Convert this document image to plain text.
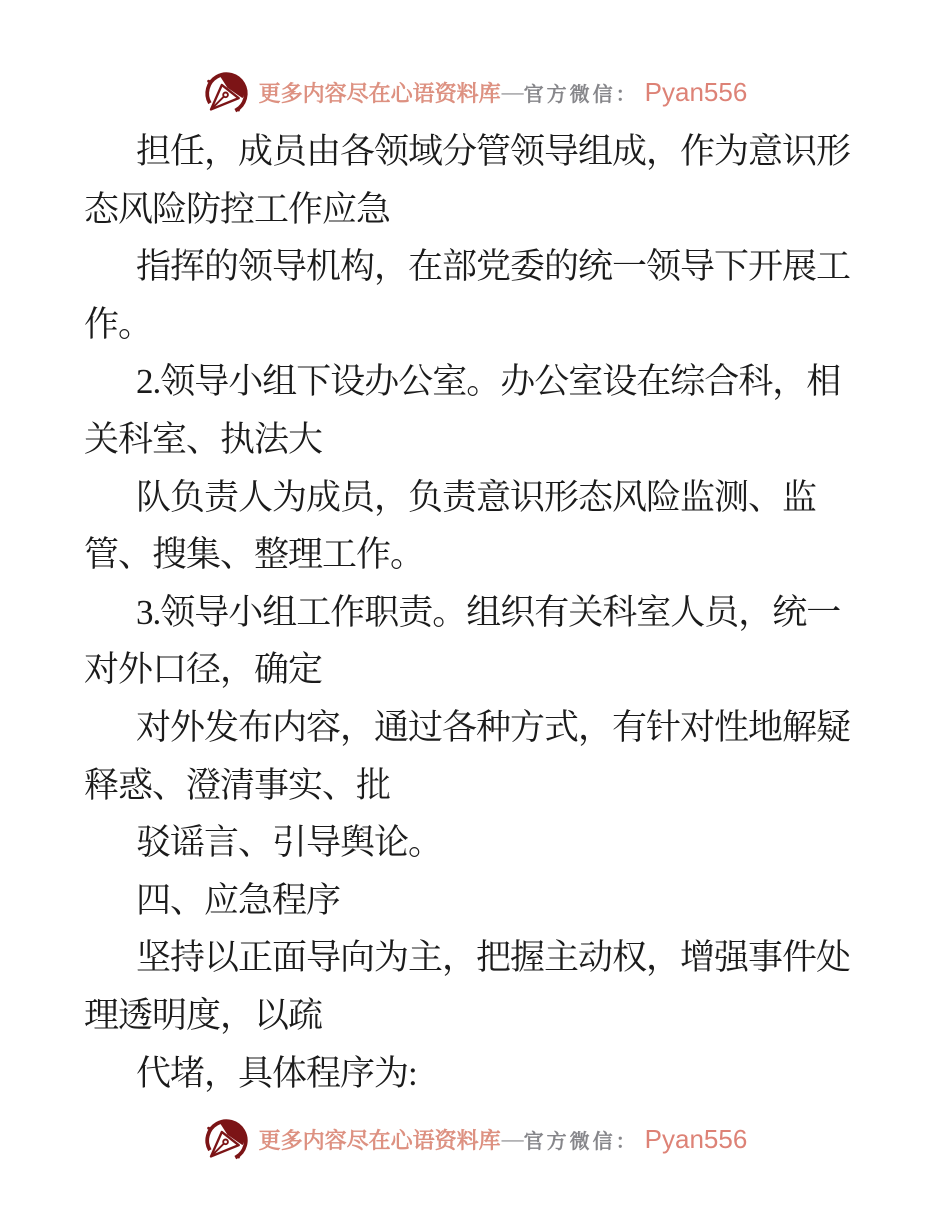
更多内容尽在心语资料库 — 官方微信： Pyan556
担任，成员由各领域分管领导组成，作为意识形
态风险防控工作应急
指挥的领导机构，在部党委的统一领导下开展工
作。
2.领导小组下设办公室。办公室设在综合科，相
关科室、执法大
队负责人为成员，负责意识形态风险监测、监
管、搜集、整理工作。
3.领导小组工作职责。组织有关科室人员，统一
对外口径，确定
对外发布内容，通过各种方式，有针对性地解疑
释惑、澄清事实、批
驳谣言、引导舆论。
四、应急程序
坚持以正面导向为主，把握主动权，增强事件处
理透明度，以疏
代堵，具体程序为:
更多内容尽在心语资料库 — 官方微信： Pyan556
